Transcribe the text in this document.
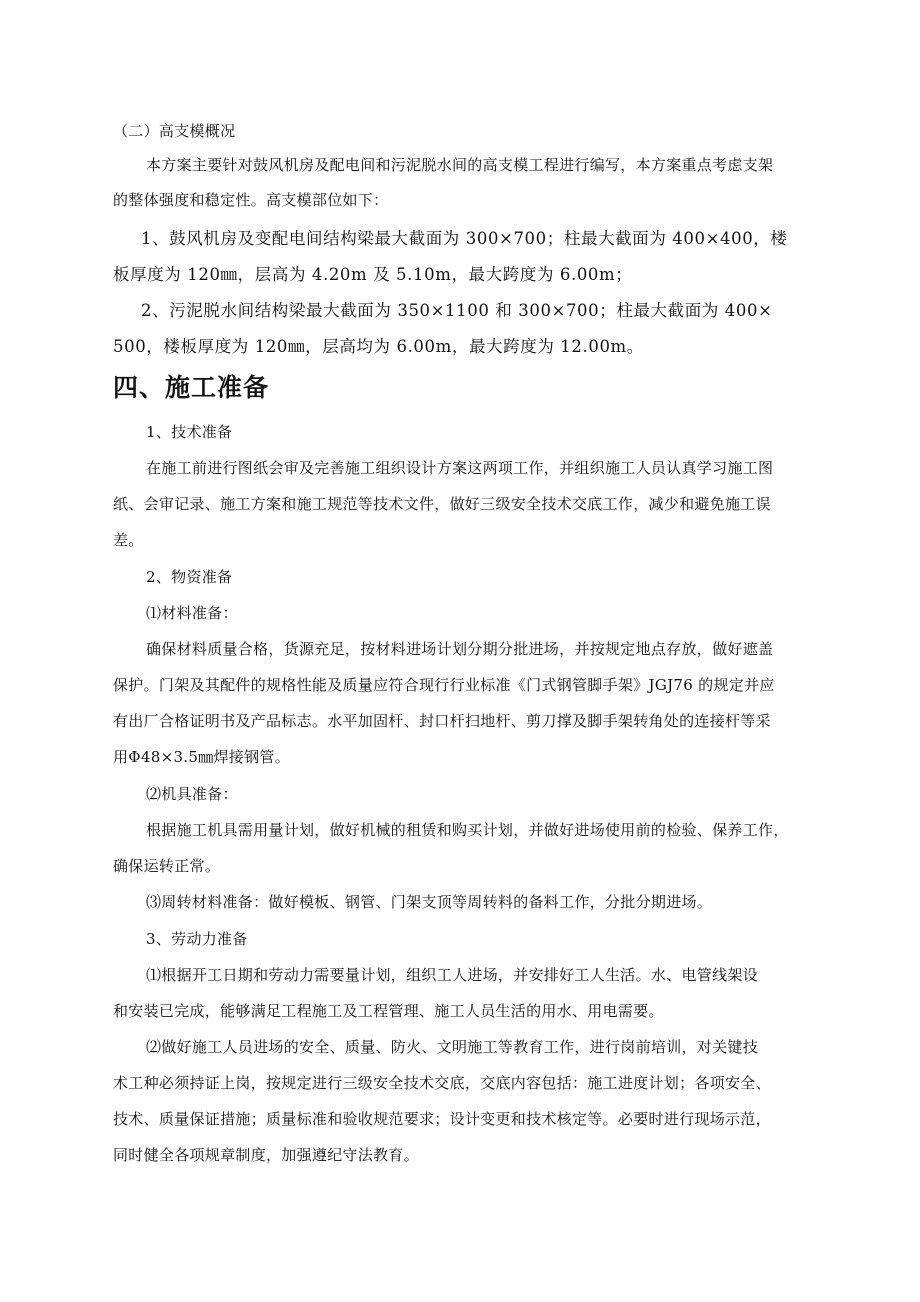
（二）高支模概况
本方案主要针对鼓风机房及配电间和污泥脱水间的高支模工程进行编写，本方案重点考虑支架
的整体强度和稳定性。高支模部位如下：
1、鼓风机房及变配电间结构梁最大截面为 300×700；柱最大截面为 400×400，楼
板厚度为 120㎜，层高为 4.20m 及 5.10m，最大跨度为 6.00m；
2、污泥脱水间结构梁最大截面为 350×1100 和 300×700；柱最大截面为 400×
500，楼板厚度为 120㎜，层高均为 6.00m，最大跨度为 12.00m。
四、施工准备
1、技术准备
在施工前进行图纸会审及完善施工组织设计方案这两项工作，并组织施工人员认真学习施工图
纸、会审记录、施工方案和施工规范等技术文件，做好三级安全技术交底工作，减少和避免施工误
差。
2、物资准备
⑴材料准备：
确保材料质量合格，货源充足，按材料进场计划分期分批进场，并按规定地点存放，做好遮盖
保护。门架及其配件的规格性能及质量应符合现行行业标准《门式钢管脚手架》JGJ76 的规定并应
有出厂合格证明书及产品标志。水平加固杆、封口杆扫地杆、剪刀撑及脚手架转角处的连接杆等采
用Φ48×3.5㎜焊接钢管。
⑵机具准备：
根据施工机具需用量计划，做好机械的租赁和购买计划，并做好进场使用前的检验、保养工作，
确保运转正常。
⑶周转材料准备：做好模板、钢管、门架支顶等周转料的备料工作，分批分期进场。
3、劳动力准备
⑴根据开工日期和劳动力需要量计划，组织工人进场，并安排好工人生活。水、电管线架设
和安装已完成，能够满足工程施工及工程管理、施工人员生活的用水、用电需要。
⑵做好施工人员进场的安全、质量、防火、文明施工等教育工作，进行岗前培训，对关键技
术工种必须持证上岗，按规定进行三级安全技术交底，交底内容包括：施工进度计划；各项安全、
技术、质量保证措施；质量标准和验收规范要求；设计变更和技术核定等。必要时进行现场示范，
同时健全各项规章制度，加强遵纪守法教育。
